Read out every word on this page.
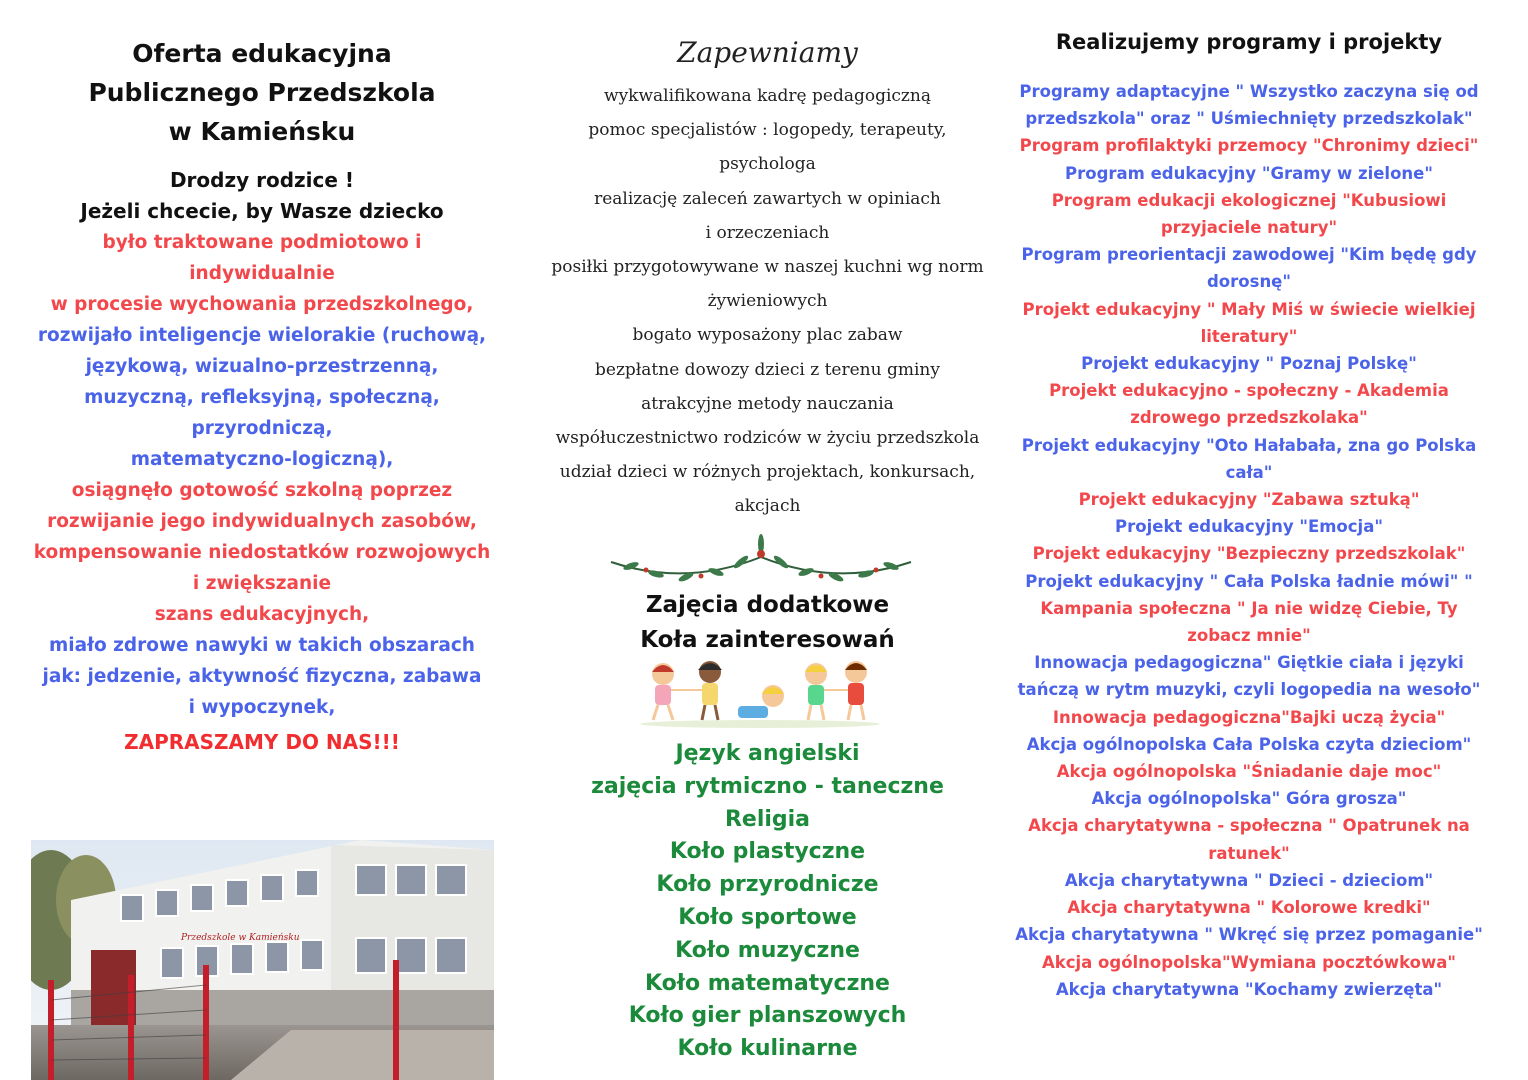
Oferta edukacyjna
Publicznego Przedszkola
w Kamieńsku
Drodzy rodzice !
Jeżeli chcecie, by Wasze dziecko
było traktowane podmiotowo i
indywidualnie
w procesie wychowania przedszkolnego,
rozwijało inteligencje wielorakie (ruchową,
językową, wizualno-przestrzenną,
muzyczną, refleksyjną, społeczną,
przyrodniczą,
matematyczno-logiczną),
osiągnęło gotowość szkolną poprzez
rozwijanie jego indywidualnych zasobów,
kompensowanie niedostatków rozwojowych
i zwiększanie
szans edukacyjnych,
miało zdrowe nawyki w takich obszarach
jak: jedzenie, aktywność fizyczna, zabawa
i wypoczynek,
ZAPRASZAMY DO NAS!!!
Przedszkole w Kamieńsku
Zapewniamy
wykwalifikowana kadrę pedagogiczną
pomoc specjalistów : logopedy, terapeuty,
psychologa
realizację zaleceń zawartych w opiniach
i orzeczeniach
posiłki przygotowywane w naszej kuchni wg norm
żywieniowych
bogato wyposażony plac zabaw
bezpłatne dowozy dzieci z terenu gminy
atrakcyjne metody nauczania
współuczestnictwo rodziców w życiu przedszkola
udział dzieci w różnych projektach, konkursach,
akcjach
Zajęcia dodatkowe
Koła zainteresowań
Język angielski
zajęcia rytmiczno - taneczne
Religia
Koło plastyczne
Koło przyrodnicze
Koło sportowe
Koło muzyczne
Koło matematyczne
Koło gier planszowych
Koło kulinarne
Realizujemy programy i projekty
Programy adaptacyjne " Wszystko zaczyna się od
przedszkola" oraz " Uśmiechnięty przedszkolak"
Program profilaktyki przemocy "Chronimy dzieci"
Program edukacyjny "Gramy w zielone"
Program edukacji ekologicznej "Kubusiowi
przyjaciele natury"
Program preorientacji zawodowej "Kim będę gdy
dorosnę"
Projekt edukacyjny " Mały Miś w świecie wielkiej
literatury"
Projekt edukacyjny " Poznaj Polskę"
Projekt edukacyjno - społeczny - Akademia
zdrowego przedszkolaka"
Projekt edukacyjny "Oto Hałabała, zna go Polska
cała"
Projekt edukacyjny "Zabawa sztuką"
Projekt edukacyjny "Emocja"
Projekt edukacyjny "Bezpieczny przedszkolak"
Projekt edukacyjny " Cała Polska ładnie mówi" "
Kampania społeczna " Ja nie widzę Ciebie, Ty
zobacz mnie"
Innowacja pedagogiczna" Giętkie ciała i języki
tańczą w rytm muzyki, czyli logopedia na wesoło"
Innowacja pedagogiczna"Bajki uczą życia"
Akcja ogólnopolska Cała Polska czyta dzieciom"
Akcja ogólnopolska "Śniadanie daje moc"
Akcja ogólnopolska" Góra grosza"
Akcja charytatywna - społeczna " Opatrunek na
ratunek"
Akcja charytatywna " Dzieci - dzieciom"
Akcja charytatywna " Kolorowe kredki"
Akcja charytatywna " Wkręć się przez pomaganie"
Akcja ogólnopolska"Wymiana pocztówkowa"
Akcja charytatywna "Kochamy zwierzęta"
